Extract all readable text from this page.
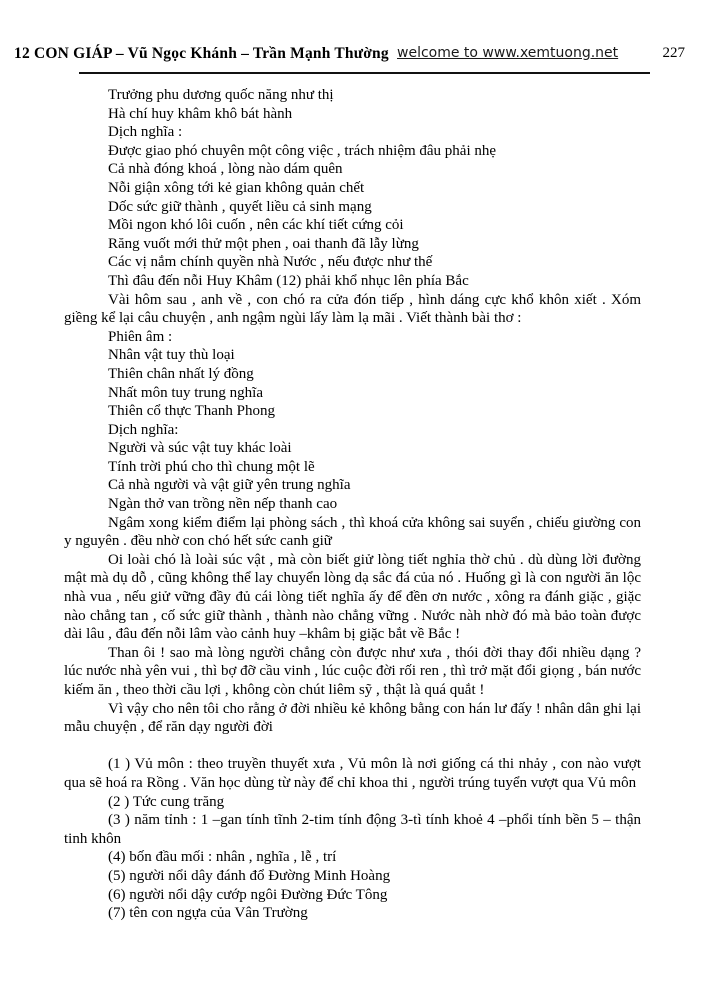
12 CON GIÁP – Vũ Ngọc Khánh – Trần Mạnh Thường welcome to www.xemtuong.net	227
Trưởng phu dương quốc năng như thị
Hà chí huy khâm khô bát hành
Dịch nghĩa :
Được giao phó chuyên một công việc , trách nhiệm đâu phải nhẹ
Cả nhà đóng khoá , lòng nào dám quên
Nỗi giận xông tới kẻ gian không quản chết
Dốc sức giữ thành , quyết liều cả sinh mạng
Mồi ngon khó lôi cuốn , nên các khí tiết cứng cỏi
Răng vuốt mới thử một phen , oai thanh đã lẫy lừng
Các vị nắm chính quyền nhà Nước , nếu được như thế
Thì đâu đến nỗi Huy Khâm (12) phải khổ nhục lên phía Bắc
Vài hôm sau , anh về , con chó ra cửa đón tiếp , hình dáng cực khổ khôn xiết . Xóm giềng kể lại câu chuyện , anh ngậm ngùi lấy làm lạ mãi . Viết thành bài thơ :
Phiên âm :
Nhân vật tuy thù loại
Thiên chân nhất lý đồng
Nhất môn tuy trung nghĩa
Thiên cổ thực Thanh Phong
Dịch nghĩa:
Người và súc vật tuy khác loài
Tính trời phú cho thì chung một lẽ
Cả nhà người và vật giữ yên trung nghĩa
Ngàn thở van trồng nền nếp thanh cao
Ngâm xong kiểm điểm lại phòng sách , thì khoá cửa không sai suyển , chiếu giường con y nguyên . đều nhờ con chó hết sức canh giữ
Oi loài chó là loài súc vật , mà còn biết giử lòng tiết nghỉa thờ chủ . dù dùng lời đường mật mà dụ dỗ , cũng không thể lay chuyển lòng dạ sắc đá của nó . Huống gì là con người ăn lộc nhà vua , nếu giử vững đầy đủ cái lòng tiết nghĩa ấy để đền ơn nước , xông ra đánh giặc , giặc nào chẳng tan , cố sức giữ thành , thành nào chẳng vững . Nước nàh nhờ đó mà bảo toàn được dài lâu , đâu đến nỗi lâm vào cảnh huy –khâm bị giặc bắt về Bắc !
Than ôi ! sao mà lòng người chẳng còn được như xưa , thói đời thay đổi nhiều dạng ? lúc nước nhà yên vui , thì bợ đỡ cầu vinh , lúc cuộc đời rối ren , thì trở mặt đổi giọng , bán nước kiếm ăn , theo thời cầu lợi , không còn chút liêm sỹ , thật là quá quắt !
Vì vậy cho nên tôi cho rằng ở đời nhiều kẻ không bằng con hán lư đấy ! nhân dân ghi lại mẫu chuyện , để răn dạy người đời
(1 ) Vủ môn : theo truyền thuyết xưa , Vủ môn là nơi giống cá thi nhảy , con nào vượt qua sẽ hoá ra Rồng . Văn học dùng từ này để chỉ khoa thi , người trúng tuyển vượt qua Vủ môn
(2 ) Tức cung trăng
(3 ) năm tỉnh : 1 –gan tính tĩnh 2-tim tính động 3-tì tính khoẻ 4 –phổi tính bền 5 – thận tinh khôn
(4) bốn đầu mối : nhân , nghĩa , lễ , trí
(5) người nổi dây đánh đổ Đường Minh Hoàng
(6) người nổi dậy cướp ngôi Đường Đức Tông
(7) tên con ngựa của Vân Trường
